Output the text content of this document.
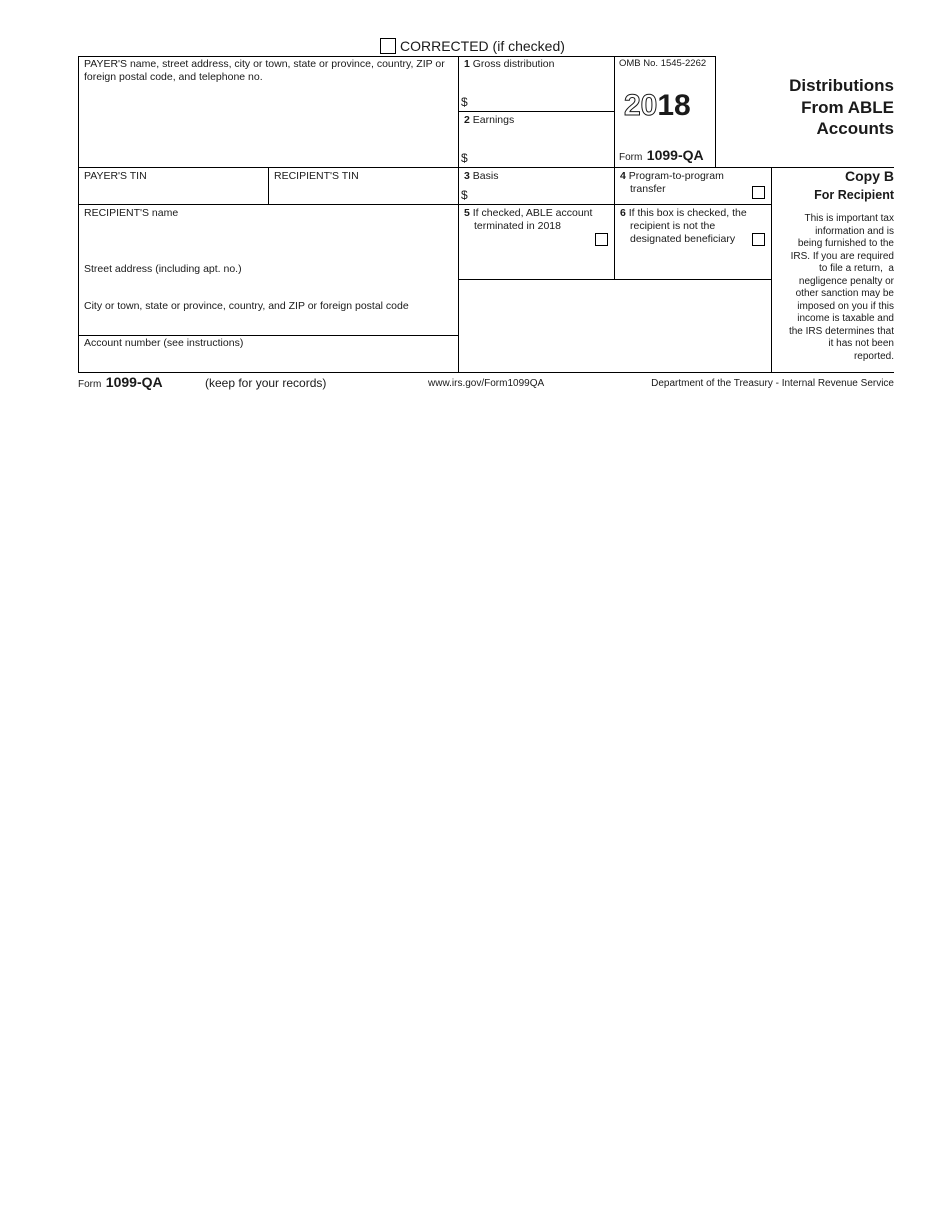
CORRECTED (if checked)
PAYER'S name, street address, city or town, state or province, country, ZIP or foreign postal code, and telephone no.
1 Gross distribution
$
2 Earnings
$
OMB No. 1545-2262
2018
Form 1099-QA
Distributions
From ABLE
Accounts
PAYER'S TIN	RECIPIENT'S TIN	3 Basis
$
4 Program-to-program
transfer
Copy B
For Recipient
This is important tax
information and is
being furnished to the
IRS. If you are required
to file a return,  a
negligence penalty or
other sanction may be
imposed on you if this
income is taxable and
the IRS determines that
it has not been
reported.
RECIPIENT'S name
Street address (including apt. no.)
City or town, state or province, country, and ZIP or foreign postal code
Account number (see instructions)
5 If checked, ABLE account
terminated in 2018
6 If this box is checked, the
recipient is not the
designated beneficiary
Form 1099-QA	(keep for your records)	www.irs.gov/Form1099QA	Department of the Treasury - Internal Revenue Service
